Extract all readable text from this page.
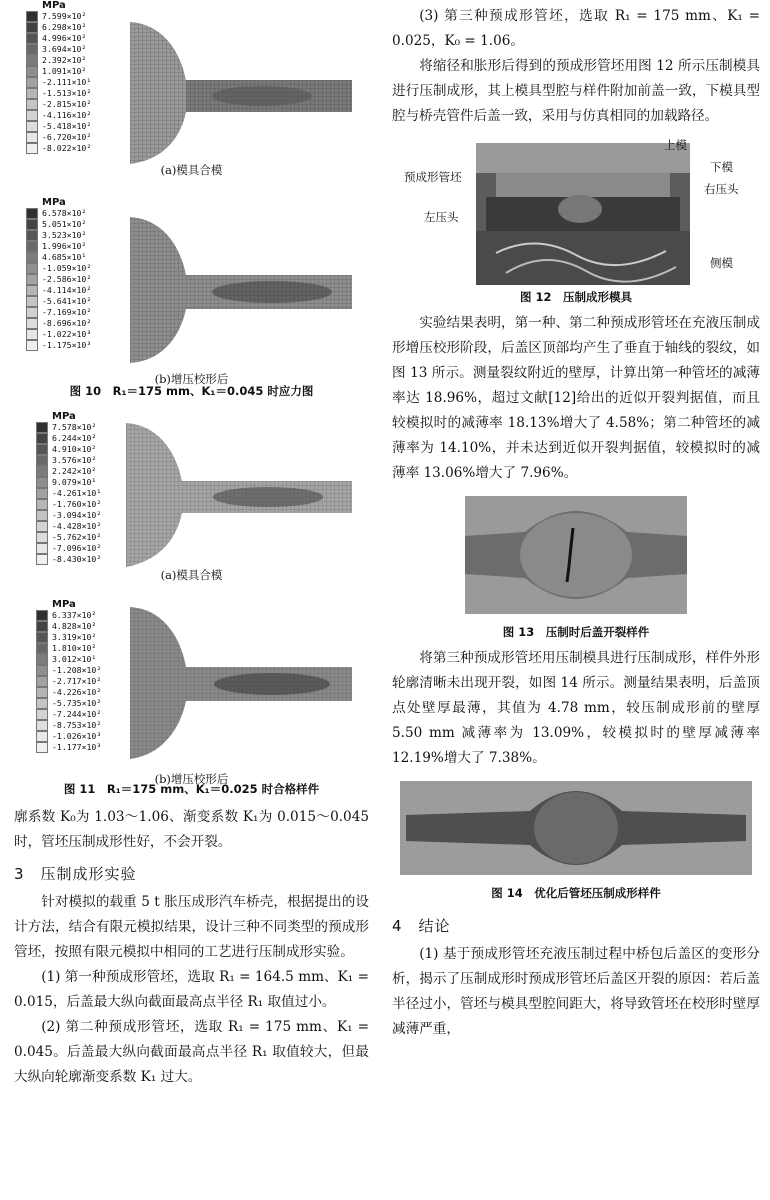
MPa
7.599×10²
6.298×10²
4.996×10²
3.694×10²
2.392×10²
1.091×10²
-2.111×10¹
-1.513×10²
-2.815×10²
-4.116×10²
-5.418×10²
-6.720×10²
-8.022×10²
(a)模具合模
MPa
6.578×10²
5.051×10²
3.523×10²
1.996×10²
4.685×10¹
-1.059×10²
-2.586×10²
-4.114×10²
-5.641×10²
-7.169×10²
-8.696×10²
-1.022×10³
-1.175×10³
(b)增压校形后
图 10　R₁＝175 mm、K₁＝0.045 时应力图
MPa
7.578×10²
6.244×10²
4.910×10²
3.576×10²
2.242×10²
9.079×10¹
-4.261×10¹
-1.760×10²
-3.094×10²
-4.428×10²
-5.762×10²
-7.096×10²
-8.430×10²
(a)模具合模
MPa
6.337×10²
4.828×10²
3.319×10²
1.810×10²
3.012×10¹
-1.208×10²
-2.717×10²
-4.226×10²
-5.735×10²
-7.244×10²
-8.753×10²
-1.026×10³
-1.177×10³
(b)增压校形后
图 11　R₁＝175 mm、K₁＝0.025 时合格样件

廓系数 K₀为 1.03～1.06、渐变系数 K₁为 0.015～0.045 时，管坯压制成形性好，不会开裂。

3　压制成形实验

针对模拟的载重 5 t 胀压成形汽车桥壳，根据提出的设计方法，结合有限元模拟结果，设计三种不同类型的预成形管坯，按照有限元模拟中相同的工艺进行压制成形实验。

(1) 第一种预成形管坯，选取 R₁ = 164.5 mm、K₁ = 0.015，后盖最大纵向截面最高点半径 R₁ 取值过小。

(2) 第二种预成形管坯，选取 R₁ = 175 mm、K₁ = 0.045。后盖最大纵向截面最高点半径 R₁ 取值较大，但最大纵向轮廓渐变系数 K₁ 过大。

(3) 第三种预成形管坯，选取 R₁ = 175 mm、K₁ = 0.025，K₀ = 1.06。

将缩径和胀形后得到的预成形管坯用图 12 所示压制模具进行压制成形，其上模具型腔与样件附加前盖一致，下模具型腔与桥壳管件后盖一致，采用与仿真相同的加载路径。

上模
下模
右压头
预成形管坯
左压头
侧模
图 12　压制成形模具

实验结果表明，第一种、第二种预成形管坯在充液压制成形增压校形阶段，后盖区顶部均产生了垂直于轴线的裂纹，如图 13 所示。测量裂纹附近的壁厚，计算出第一种管坯的减薄率达 18.96%，超过文献[12]给出的近似开裂判据值，而且较模拟时的减薄率 18.13%增大了 4.58%；第二种管坯的减薄率为 14.10%，并未达到近似开裂判据值，较模拟时的减薄率 13.06%增大了 7.96%。

图 13　压制时后盖开裂样件

将第三种预成形管坯用压制模具进行压制成形，样件外形轮廓清晰未出现开裂，如图 14 所示。测量结果表明，后盖顶点处壁厚最薄，其值为 4.78 mm，较压制成形前的壁厚 5.50 mm 减薄率为 13.09%，较模拟时的壁厚减薄率 12.19%增大了 7.38%。

图 14　优化后管坯压制成形样件
4　结论

(1) 基于预成形管坯充液压制过程中桥包后盖区的变形分析，揭示了压制成形时预成形管坯后盖区开裂的原因：若后盖半径过小，管坯与模具型腔间距大，将导致管坯在校形时壁厚减薄严重，
